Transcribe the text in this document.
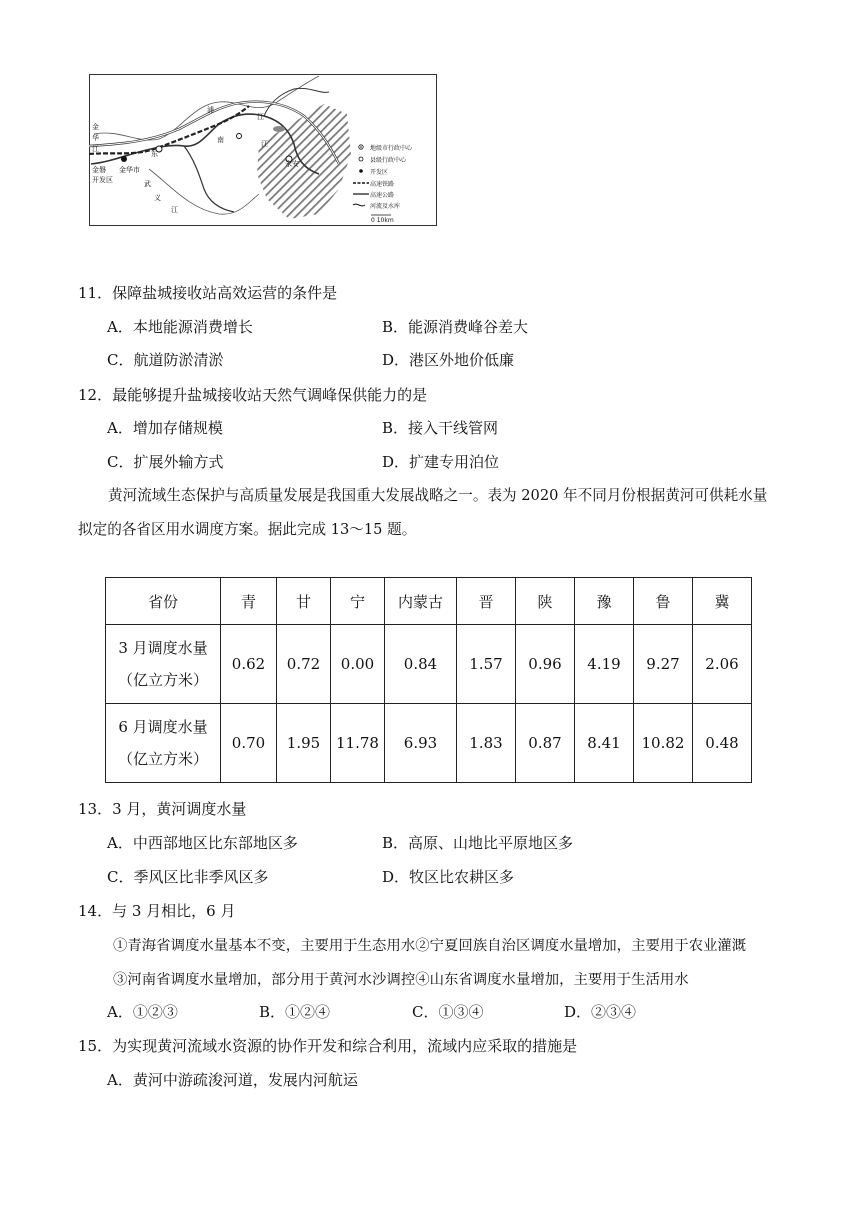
金
华
江
东
金磐
开发区
金华市
武
义
江
浦
南
江
江
永安
地级市行政中心
县级行政中心
开发区
高速铁路
高速公路
河流及水库
0 10km
11．保障盐城接收站高效运营的条件是
A．本地能源消费增长	B．能源消费峰谷差大
C．航道防淤清淤	D．港区外地价低廉
12．最能够提升盐城接收站天然气调峰保供能力的是
A．增加存储规模	B．接入干线管网
C．扩展外输方式	D．扩建专用泊位
黄河流域生态保护与高质量发展是我国重大发展战略之一。表为 2020 年不同月份根据黄河可供耗水量
拟定的各省区用水调度方案。据此完成 13～15 题。
省份	青	甘	宁	内蒙古	晋	陕	豫	鲁	冀

3 月调度水量
（亿立方米）	0.62	0.72	0.00	0.84	1.57	0.96	4.19	9.27	2.06

6 月调度水量
（亿立方米）	0.70	1.95	11.78	6.93	1.83	0.87	8.41	10.82	0.48
13．3 月，黄河调度水量
A．中西部地区比东部地区多	B．高原、山地比平原地区多
C．季风区比非季风区多	D．牧区比农耕区多
14．与 3 月相比，6 月
①青海省调度水量基本不变，主要用于生态用水②宁夏回族自治区调度水量增加，主要用于农业灌溉
③河南省调度水量增加，部分用于黄河水沙调控④山东省调度水量增加，主要用于生活用水
A．①②③	B．①②④	C．①③④	D．②③④
15．为实现黄河流域水资源的协作开发和综合利用，流域内应采取的措施是
A．黄河中游疏浚河道，发展内河航运
